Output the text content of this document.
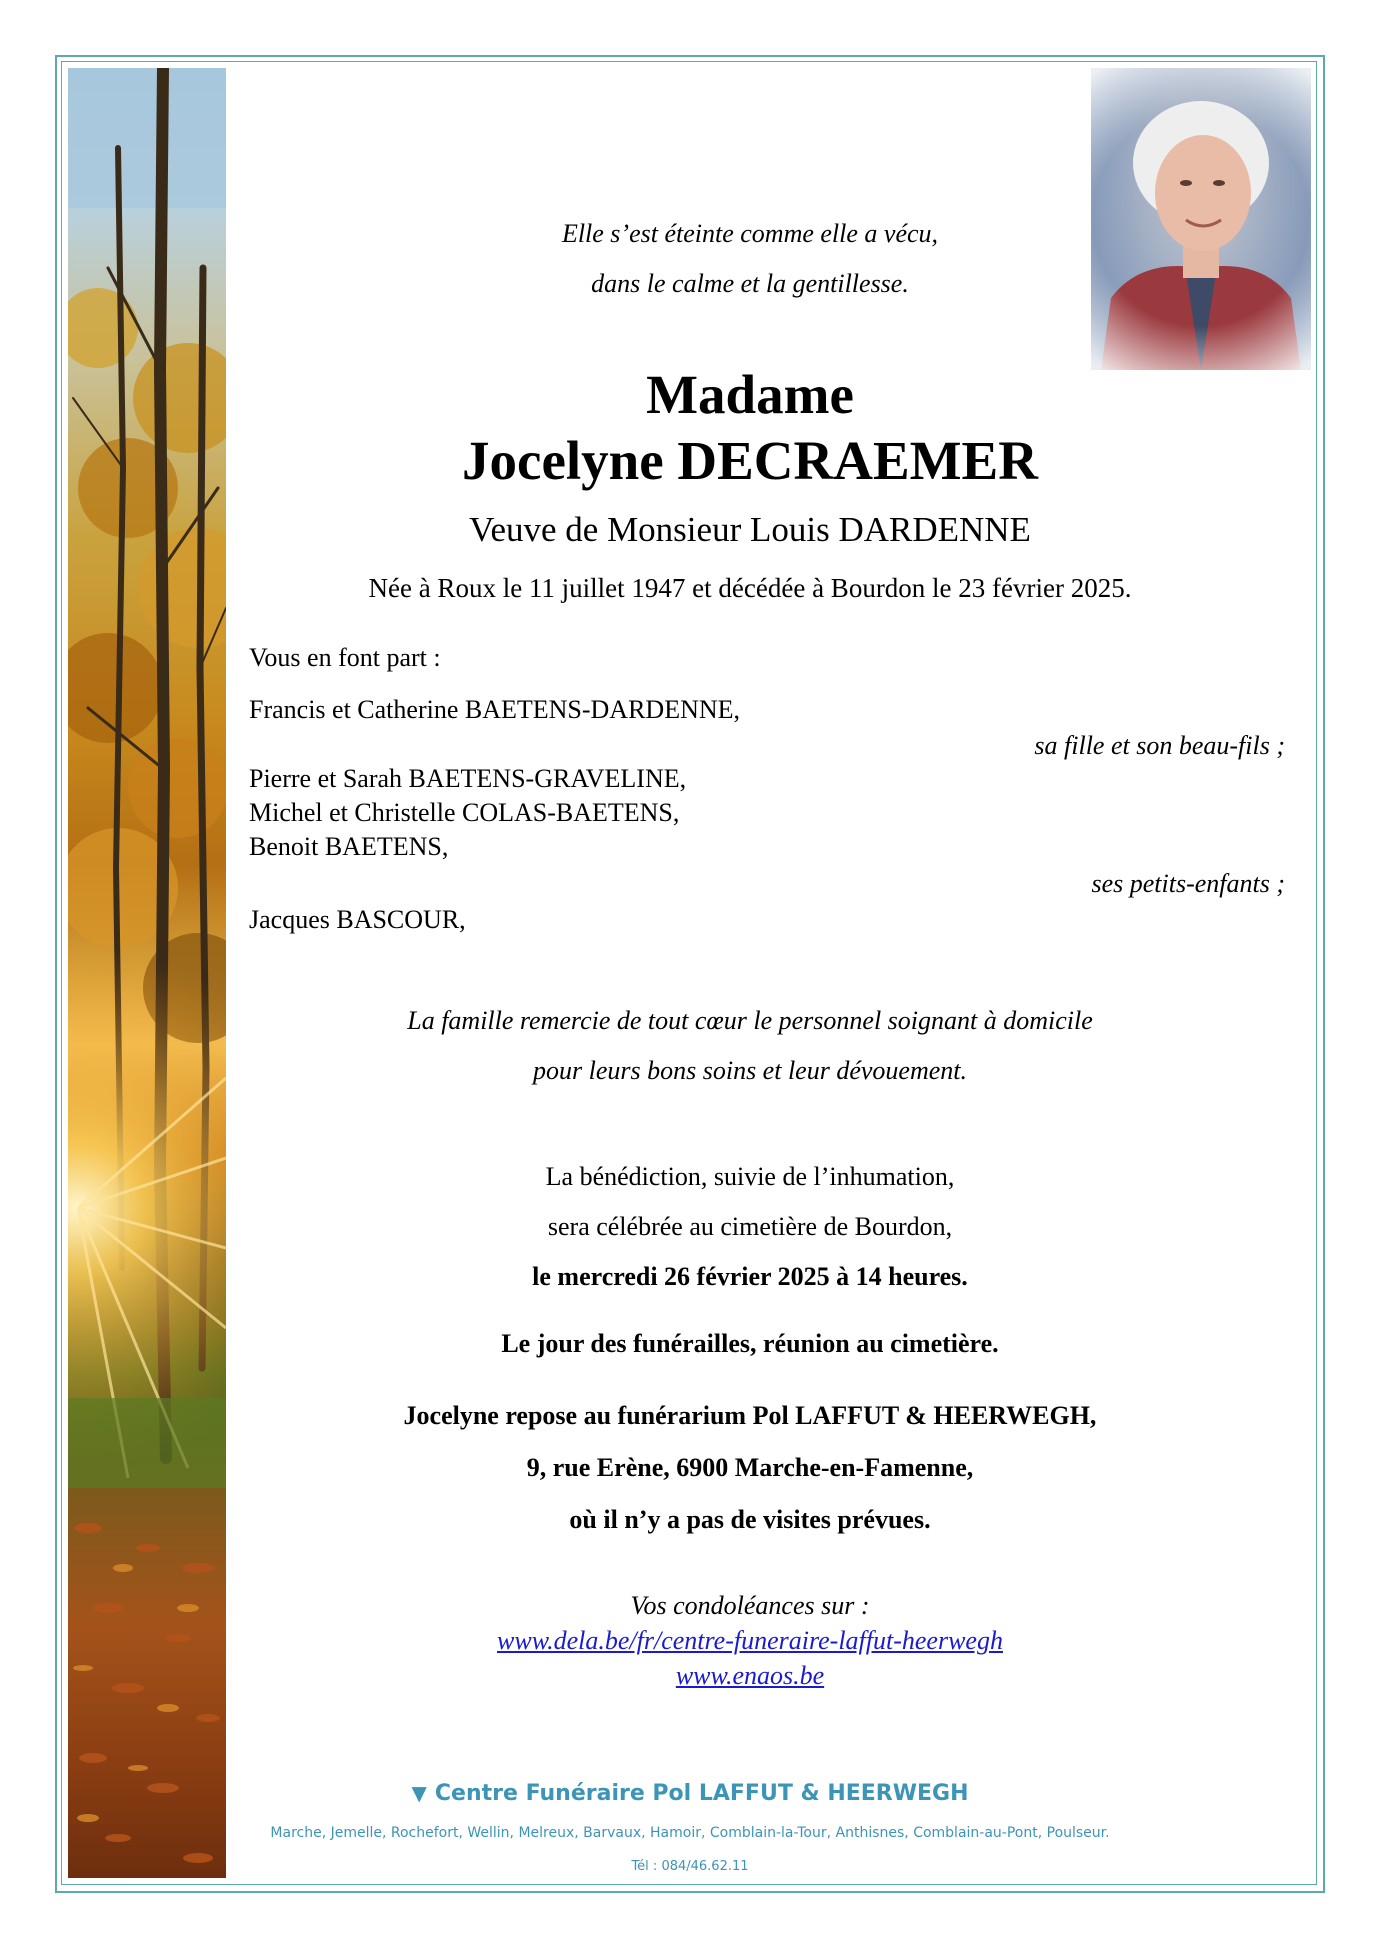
Elle s’est éteinte comme elle a vécu,
dans le calme et la gentillesse.
Madame
Jocelyne DECRAEMER
Veuve de Monsieur Louis DARDENNE
Née à Roux le 11 juillet 1947 et décédée à Bourdon le 23 février 2025.
Vous en font part :
Francis et Catherine BAETENS-DARDENNE,
sa fille et son beau-fils ;
Pierre et Sarah BAETENS-GRAVELINE,
Michel et Christelle COLAS-BAETENS,
Benoit BAETENS,
ses petits-enfants ;
Jacques BASCOUR,
La famille remercie de tout cœur le personnel soignant à domicile
pour leurs bons soins et leur dévouement.
La bénédiction, suivie de l’inhumation,
sera célébrée au cimetière de Bourdon,
le mercredi 26 février 2025 à 14 heures.
Le jour des funérailles, réunion au cimetière.
Jocelyne repose au funérarium Pol LAFFUT & HEERWEGH,
9, rue Erène, 6900 Marche-en-Famenne,
où il n’y a pas de visites prévues.
Vos condoléances sur :
www.dela.be/fr/centre-funeraire-laffut-heerwegh
www.enaos.be
▼ Centre Funéraire Pol LAFFUT & HEERWEGH
Marche, Jemelle, Rochefort, Wellin, Melreux, Barvaux, Hamoir, Comblain-la-Tour, Anthisnes, Comblain-au-Pont, Poulseur.
Tél : 084/46.62.11
